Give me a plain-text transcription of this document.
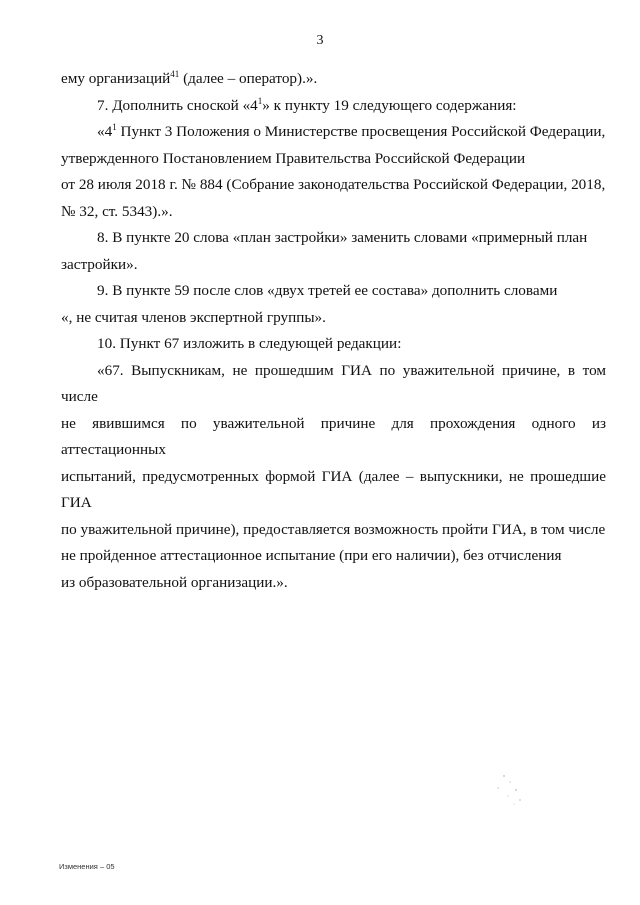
3

ему организаций$^{41}$ (далее – оператор).».

7. Дополнить сноской «$4^1$» к пункту 19 следующего содержания:

«$4^1$ Пункт 3 Положения о Министерстве просвещения Российской Федерации,

утвержденного Постановлением Правительства Российской Федерации

от 28 июля 2018 г. № 884 (Собрание законодательства Российской Федерации, 2018,

№ 32, ст. 5343).».

8. В пункте 20 слова «план застройки» заменить словами «примерный план

застройки».

9. В пункте 59 после слов «двух третей ее состава» дополнить словами

«, не считая членов экспертной группы».

10. Пункт 67 изложить в следующей редакции:

«67. Выпускникам, не прошедшим ГИА по уважительной причине, в том числе

не явившимся по уважительной причине для прохождения одного из аттестационных

испытаний, предусмотренных формой ГИА (далее – выпускники, не прошедшие ГИА

по уважительной причине), предоставляется возможность пройти ГИА, в том числе

не пройденное аттестационное испытание (при его наличии), без отчисления

из образовательной организации.».

Изменения – 05
